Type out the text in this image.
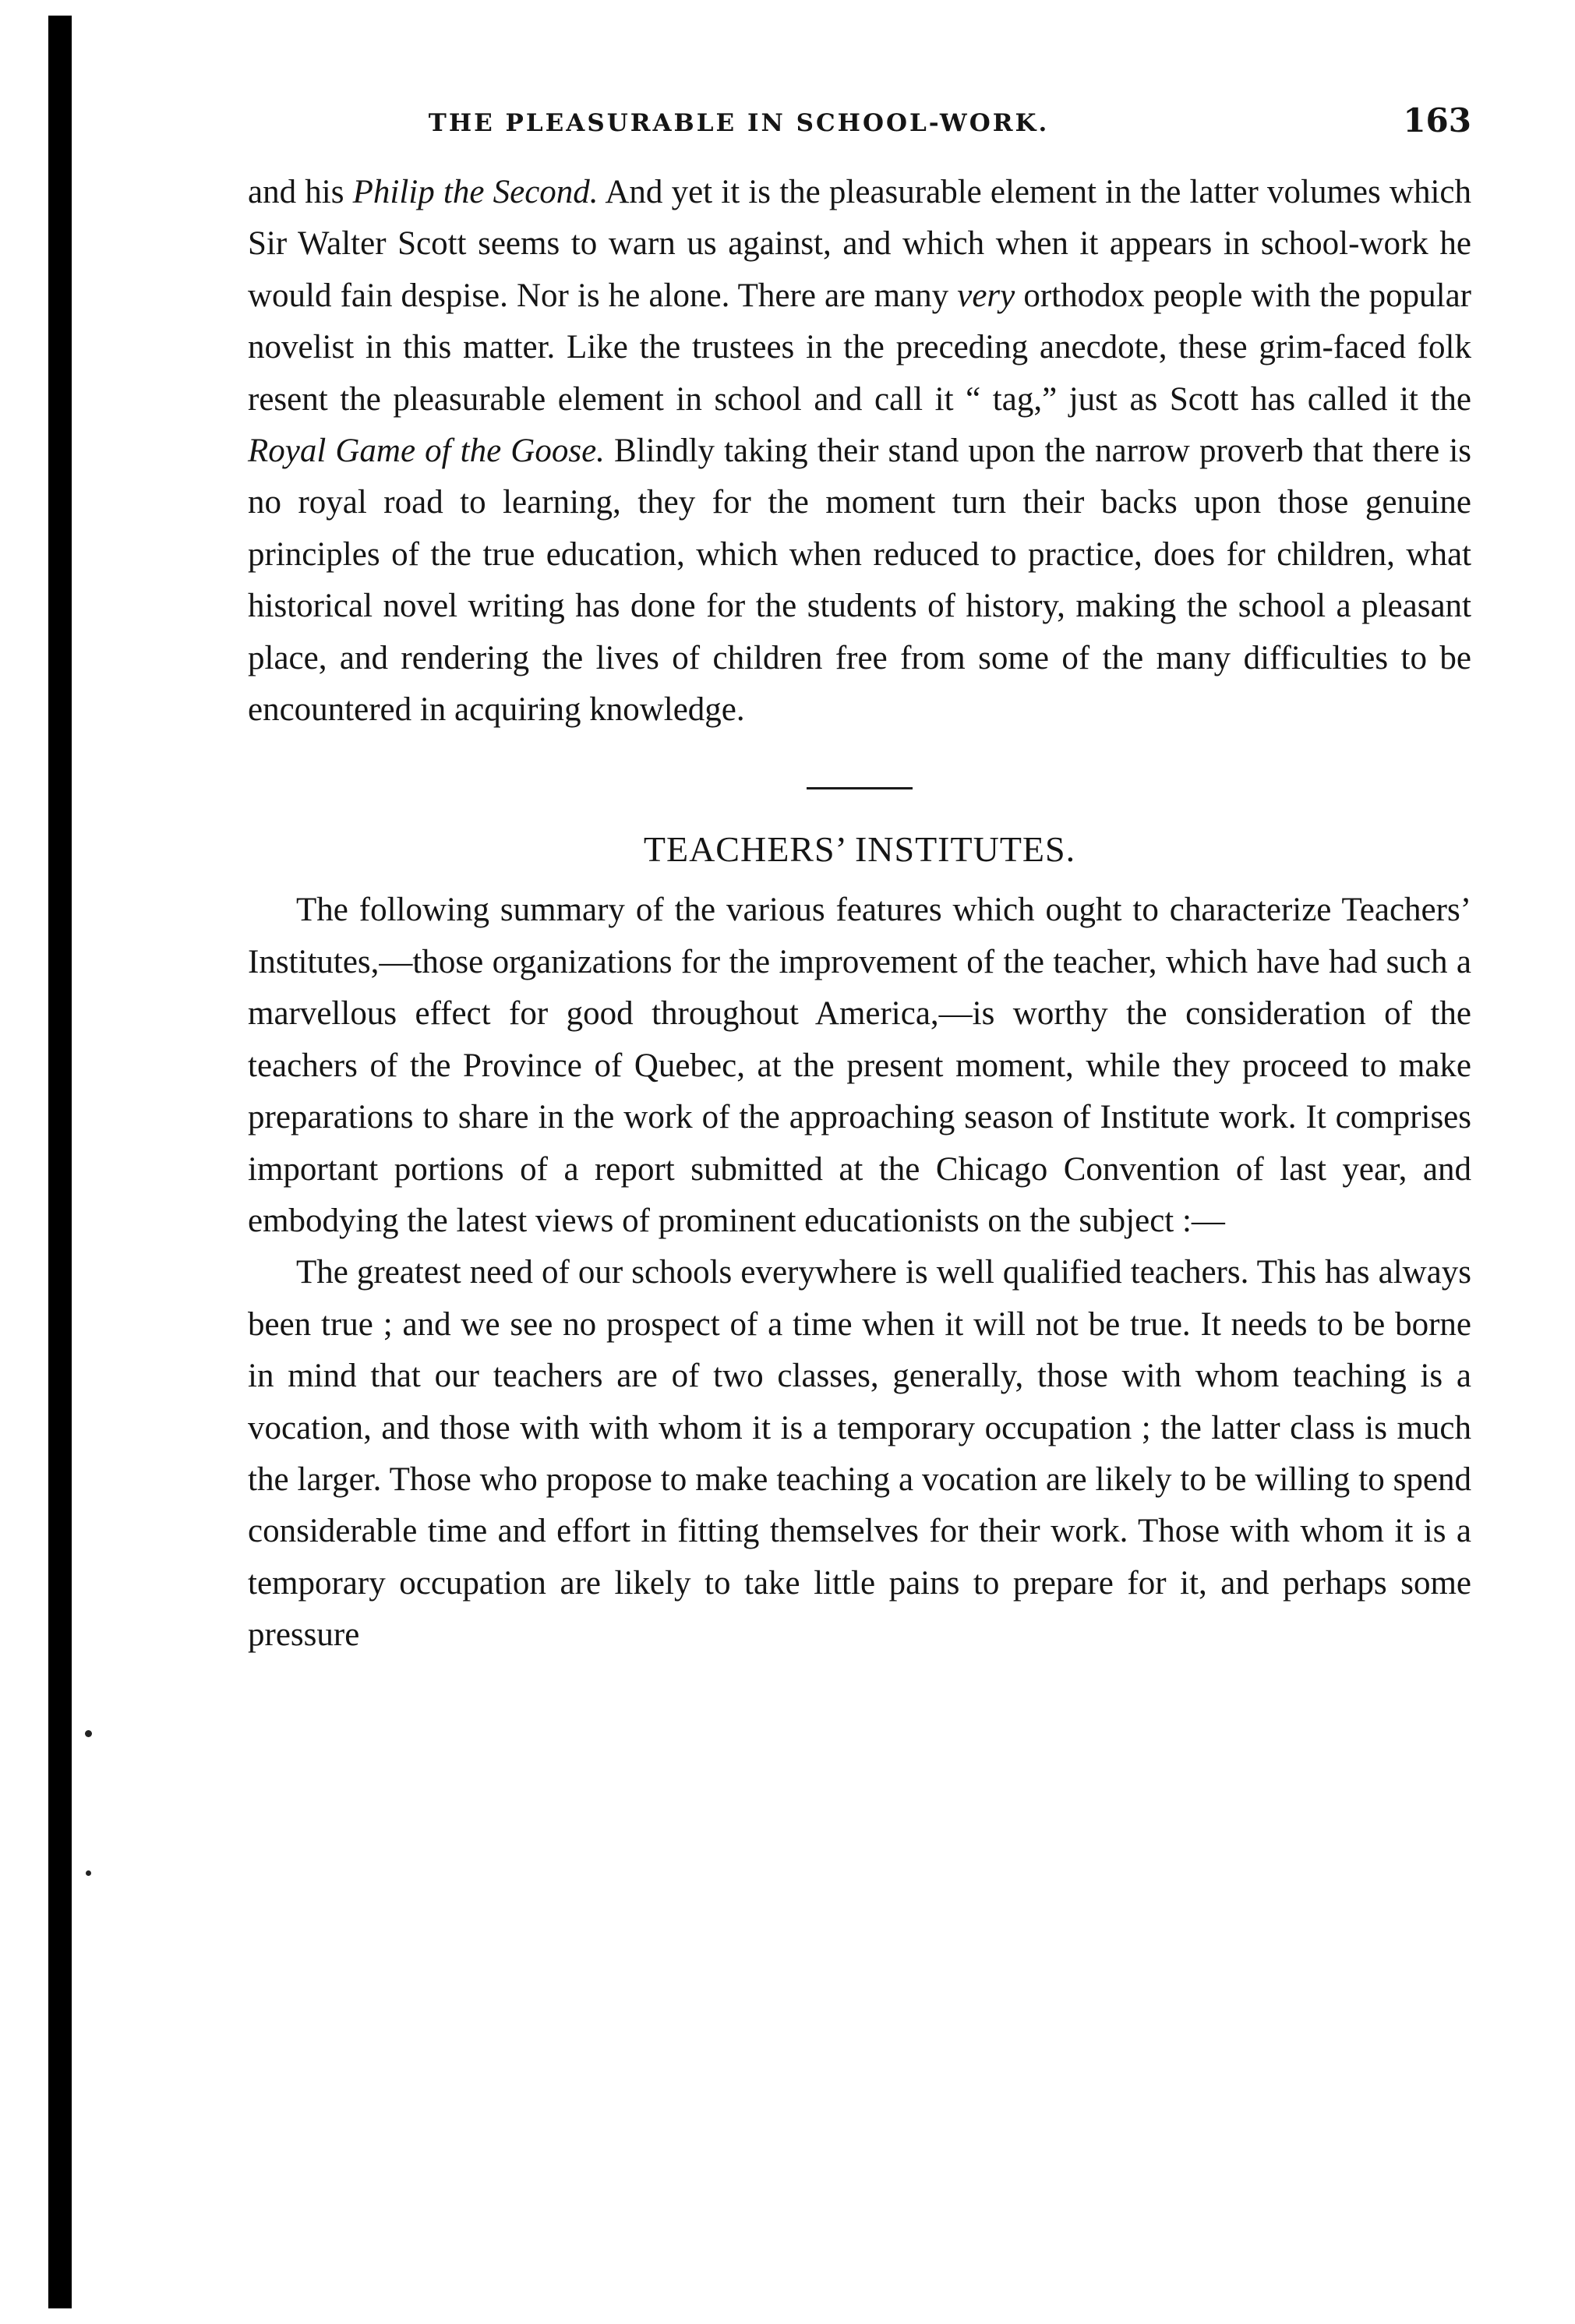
THE PLEASURABLE IN SCHOOL-WORK.	163

and his Philip the Second. And yet it is the pleasurable element in the latter volumes which Sir Walter Scott seems to warn us against, and which when it appears in school-work he would fain despise. Nor is he alone. There are many very orthodox people with the popular novelist in this matter. Like the trustees in the preceding anecdote, these grim-faced folk resent the pleasurable element in school and call it “ tag,” just as Scott has called it the Royal Game of the Goose. Blindly taking their stand upon the narrow proverb that there is no royal road to learning, they for the moment turn their backs upon those genuine principles of the true education, which when reduced to practice, does for children, what historical novel writing has done for the students of history, making the school a pleasant place, and rendering the lives of children free from some of the many difficulties to be encountered in acquiring knowledge.

TEACHERS’ INSTITUTES.

The following summary of the various features which ought to characterize Teachers’ Institutes,—those organizations for the improvement of the teacher, which have had such a marvellous effect for good throughout America,—is worthy the consideration of the teachers of the Province of Quebec, at the present moment, while they proceed to make preparations to share in the work of the approaching season of Institute work. It comprises important portions of a report submitted at the Chicago Convention of last year, and embodying the latest views of prominent educationists on the subject :—

The greatest need of our schools everywhere is well qualified teachers. This has always been true ; and we see no prospect of a time when it will not be true. It needs to be borne in mind that our teachers are of two classes, generally, those with whom teaching is a vocation, and those with with whom it is a temporary occupation ; the latter class is much the larger. Those who propose to make teaching a vocation are likely to be willing to spend considerable time and effort in fitting themselves for their work. Those with whom it is a temporary occupation are likely to take little pains to prepare for it, and perhaps some pressure
